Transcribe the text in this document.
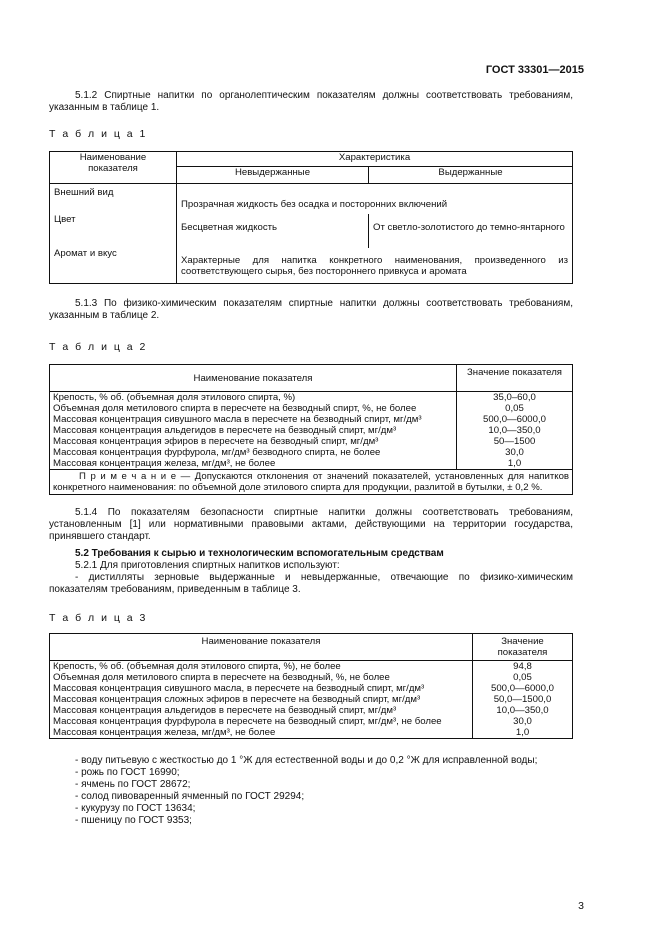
ГОСТ 33301—2015
5.1.2 Спиртные напитки по органолептическим показателям должны соответствовать требованиям, указанным в таблице 1.
Т а б л и ц а 1
Наименование показателя	Характеристика	
	Невыдержанные	Выдержанные
Внешний вид	Прозрачная жидкость без осадка и посторонних включений	
Цвет	Бесцветная жидкость	От светло-золотистого до темно-янтарного
Аромат и вкус	Характерные для напитка конкретного наименования, произведенного из соответствующего сырья, без постороннего привкуса и аромата	
5.1.3 По физико-химическим показателям спиртные напитки должны соответствовать требованиям, указанным в таблице 2.
Т а б л и ц а 2
Наименование показателя	Значение показателя
Крепость, % об. (объемная доля этилового спирта, %)	35,0–60,0
Объемная доля метилового спирта в пересчете на безводный спирт, %, не более	0,05
Массовая концентрация сивушного масла в пересчете на безводный спирт, мг/дм³	500,0—6000,0
Массовая концентрация альдегидов в пересчете на безводный спирт, мг/дм³	10,0—350,0
Массовая концентрация эфиров в пересчете на безводный спирт, мг/дм³	50—1500
Массовая концентрация фурфурола, мг/дм³ безводного спирта, не более	30,0
Массовая концентрация железа, мг/дм³, не более	1,0
П р и м е ч а н и е — Допускаются отклонения от значений показателей, установленных для напитков конкретного наименования: по объемной доле этилового спирта для продукции, разлитой в бутылки, ± 0,2 %.	
5.1.4 По показателям безопасности спиртные напитки должны соответствовать требованиям, установленным [1] или нормативными правовыми актами, действующими на территории государства, принявшего стандарт.
5.2 Требования к сырью и технологическим вспомогательным средствам
5.2.1 Для приготовления спиртных напитков используют:
- дистилляты зерновые выдержанные и невыдержанные, отвечающие по физико-химическим показателям требованиям, приведенным в таблице 3.
Т а б л и ц а 3
Наименование показателя	Значение показателя
Крепость, % об. (объемная доля этилового спирта, %), не более	94,8
Объемная доля метилового спирта в пересчете на безводный, %, не более	0,05
Массовая концентрация сивушного масла, в пересчете на безводный спирт, мг/дм³	500,0—6000,0
Массовая концентрация сложных эфиров в пересчете на безводный спирт, мг/дм³	50,0—1500,0
Массовая концентрация альдегидов в пересчете на безводный спирт, мг/дм³	10,0—350,0
Массовая концентрация фурфурола в пересчете на безводный спирт, мг/дм³, не более	30,0
Массовая концентрация железа, мг/дм³, не более	1,0
- воду питьевую с жесткостью до 1 °Ж для естественной воды и до 0,2 °Ж для исправленной воды;
- рожь по ГОСТ 16990;
- ячмень по ГОСТ 28672;
- солод пивоваренный ячменный по ГОСТ 29294;
- кукурузу по ГОСТ 13634;
- пшеницу по ГОСТ 9353;
3
